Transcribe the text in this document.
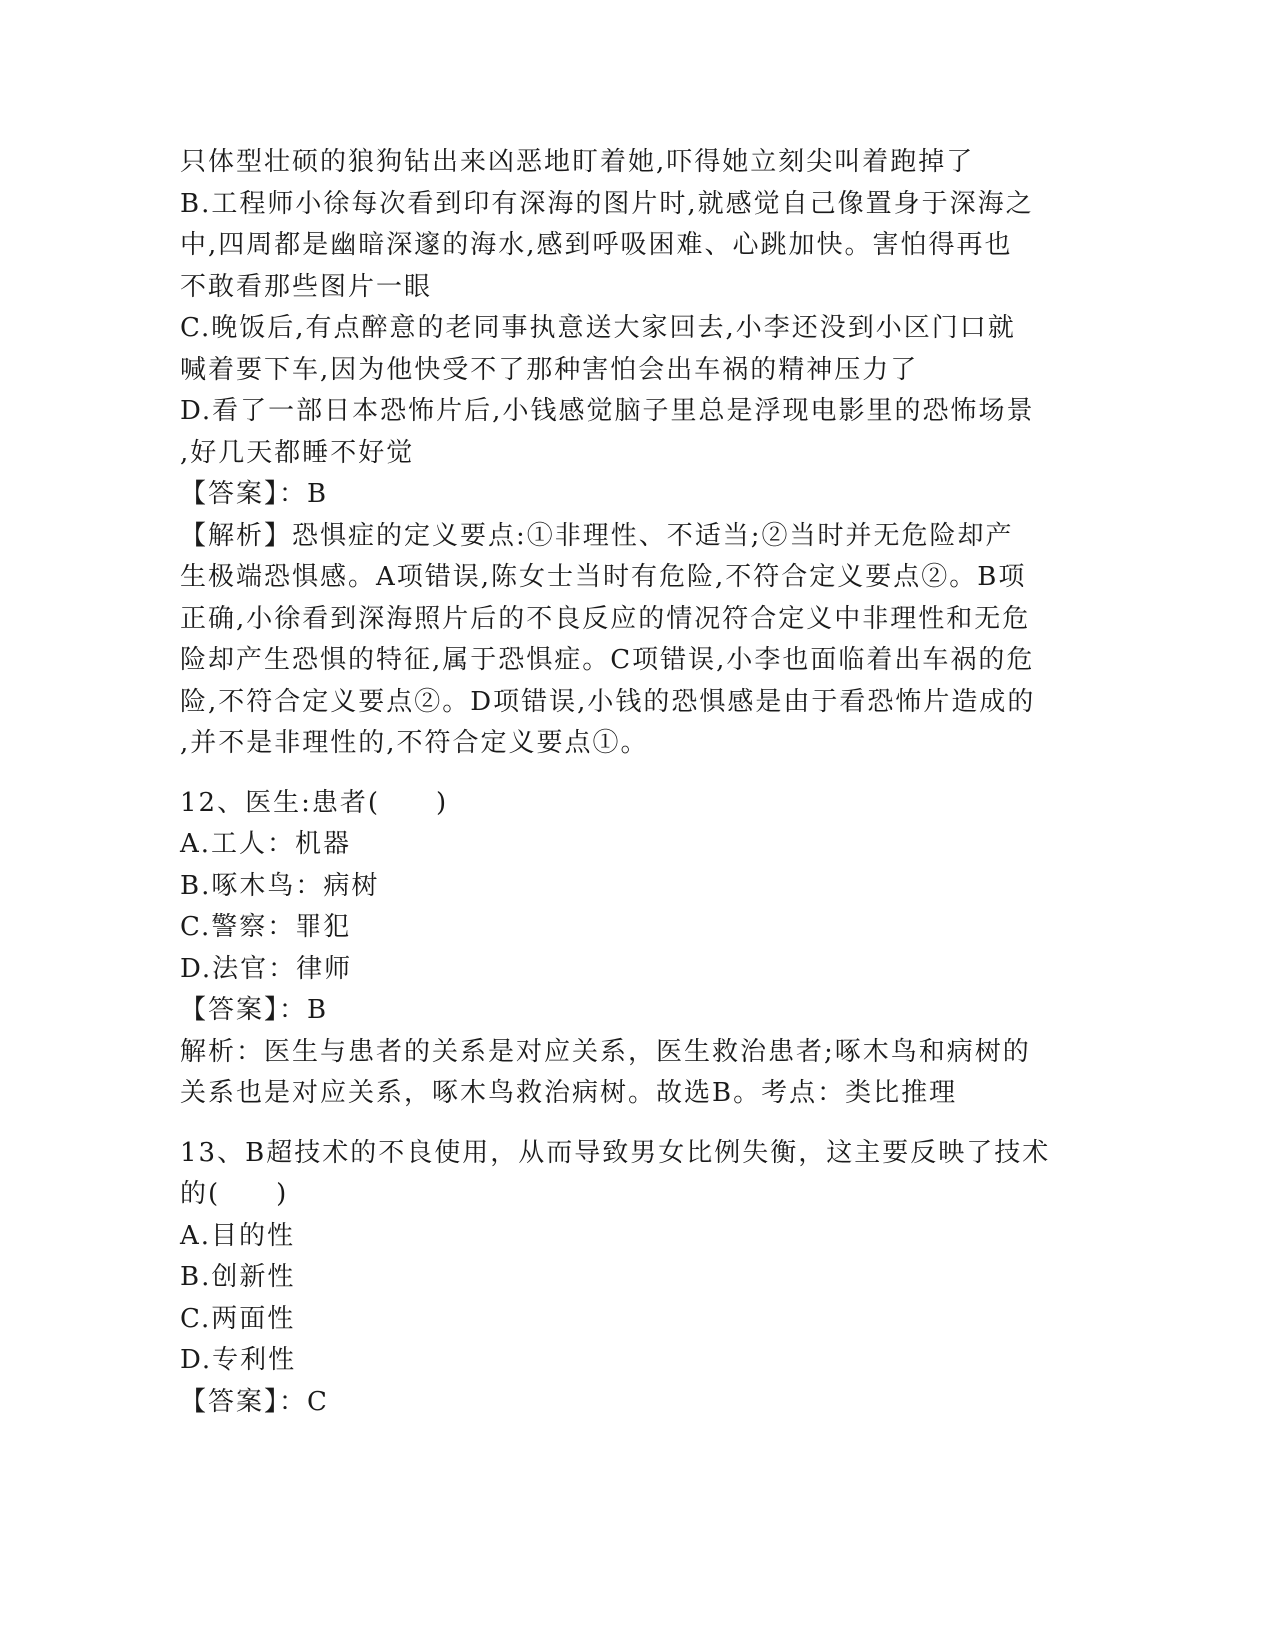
只体型壮硕的狼狗钻出来凶恶地盯着她,吓得她立刻尖叫着跑掉了
B.工程师小徐每次看到印有深海的图片时,就感觉自己像置身于深海之
中,四周都是幽暗深邃的海水,感到呼吸困难、心跳加快。害怕得再也
不敢看那些图片一眼
C.晚饭后,有点醉意的老同事执意送大家回去,小李还没到小区门口就
喊着要下车,因为他快受不了那种害怕会出车祸的精神压力了
D.看了一部日本恐怖片后,小钱感觉脑子里总是浮现电影里的恐怖场景
,好几天都睡不好觉
【答案】：B
【解析】恐惧症的定义要点:①非理性、不适当;②当时并无危险却产
生极端恐惧感。A项错误,陈女士当时有危险,不符合定义要点②。B项
正确,小徐看到深海照片后的不良反应的情况符合定义中非理性和无危
险却产生恐惧的特征,属于恐惧症。C项错误,小李也面临着出车祸的危
险,不符合定义要点②。D项错误,小钱的恐惧感是由于看恐怖片造成的
,并不是非理性的,不符合定义要点①。
12、医生:患者(　　)
A.工人：机器
B.啄木鸟：病树
C.警察：罪犯
D.法官：律师
【答案】：B
解析：医生与患者的关系是对应关系，医生救治患者;啄木鸟和病树的
关系也是对应关系，啄木鸟救治病树。故选B。考点：类比推理
13、B超技术的不良使用，从而导致男女比例失衡，这主要反映了技术
的(　　)
A.目的性
B.创新性
C.两面性
D.专利性
【答案】：C
